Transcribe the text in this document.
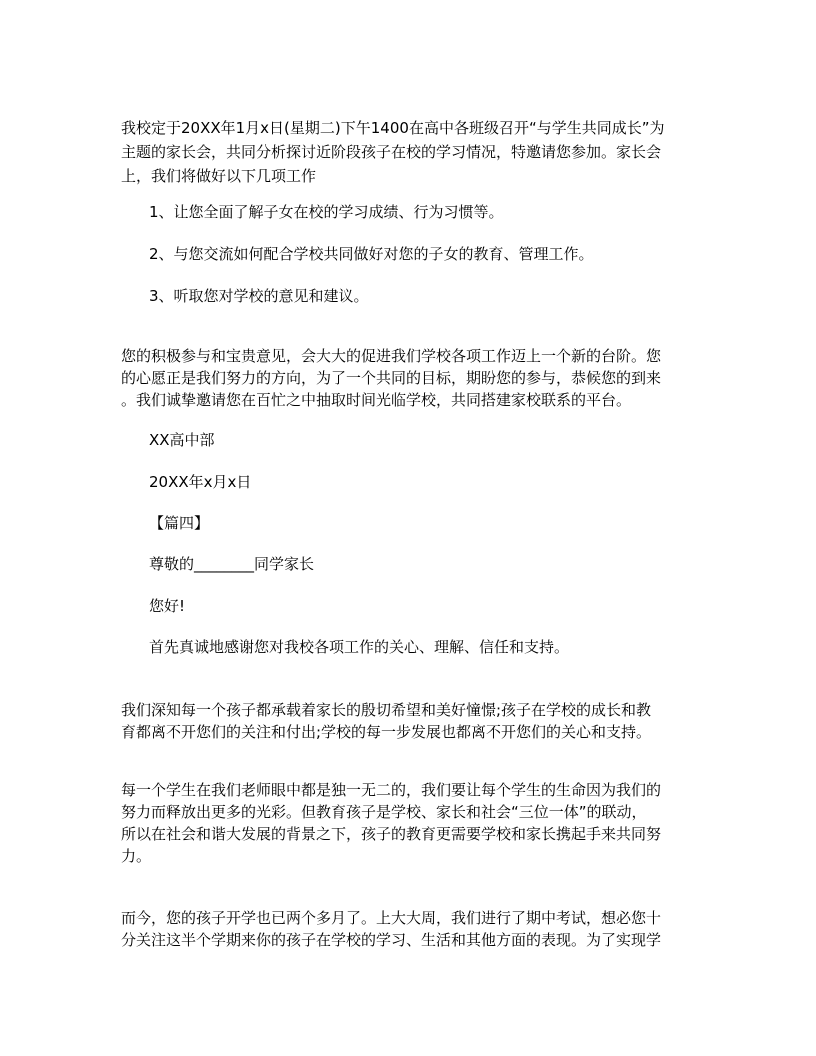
我校定于20XX年1月x日(星期二)下午1400在高中各班级召开“与学生共同成长”为

主题的家长会，共同分析探讨近阶段孩子在校的学习情况，特邀请您参加。家长会

上，我们将做好以下几项工作

1、让您全面了解子女在校的学习成绩、行为习惯等。

2、与您交流如何配合学校共同做好对您的子女的教育、管理工作。

3、听取您对学校的意见和建议。

您的积极参与和宝贵意见，会大大的促进我们学校各项工作迈上一个新的台阶。您

的心愿正是我们努力的方向，为了一个共同的目标，期盼您的参与，恭候您的到来

。我们诚挚邀请您在百忙之中抽取时间光临学校，共同搭建家校联系的平台。

XX高中部

20XX年x月x日

【篇四】

尊敬的________同学家长

您好!

首先真诚地感谢您对我校各项工作的关心、理解、信任和支持。

我们深知每一个孩子都承载着家长的殷切希望和美好憧憬;孩子在学校的成长和教

育都离不开您们的关注和付出;学校的每一步发展也都离不开您们的关心和支持。

每一个学生在我们老师眼中都是独一无二的，我们要让每个学生的生命因为我们的

努力而释放出更多的光彩。但教育孩子是学校、家长和社会“三位一体”的联动，

所以在社会和谐大发展的背景之下，孩子的教育更需要学校和家长携起手来共同努

力。

而今，您的孩子开学也已两个多月了。上大大周，我们进行了期中考试，想必您十

分关注这半个学期来你的孩子在学校的学习、生活和其他方面的表现。为了实现学
